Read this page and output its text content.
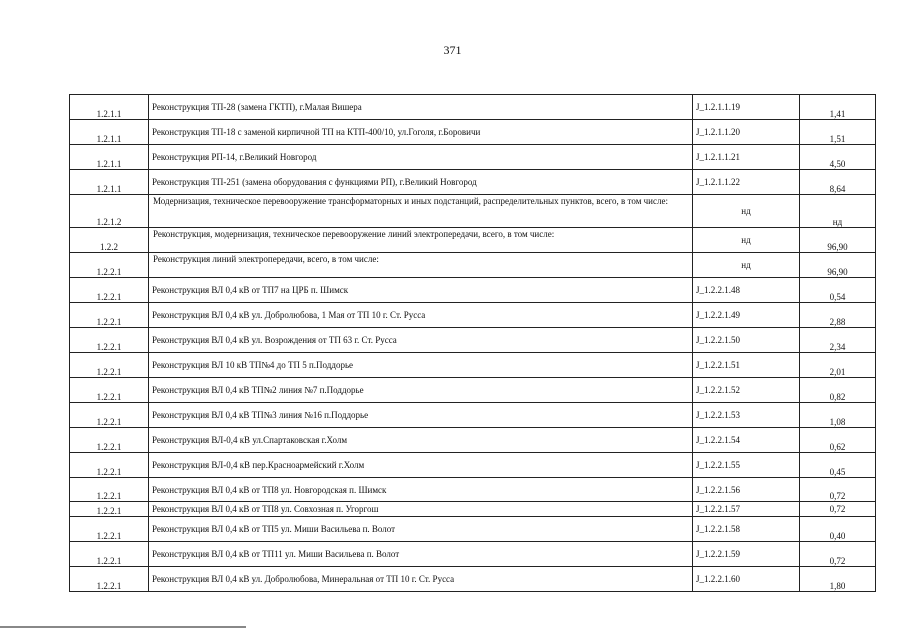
371
1.2.1.1	Реконструкция ТП-28 (замена ГКТП), г.Малая Вишера	J_1.2.1.1.19	1,41
1.2.1.1	Реконструкция ТП-18 с заменой кирпичной ТП на КТП-400/10, ул.Гоголя, г.Боровичи	J_1.2.1.1.20	1,51
1.2.1.1	Реконструкция РП-14, г.Великий Новгород	J_1.2.1.1.21	4,50
1.2.1.1	Реконструкция ТП-251 (замена оборудования с функциями РП), г.Великий Новгород	J_1.2.1.1.22	8,64
1.2.1.2	Модернизация, техническое перевооружение трансформаторных и иных подстанций, распределительных пунктов, всего, в том числе:	нд	нд
1.2.2	Реконструкция, модернизация, техническое перевооружение линий электропередачи, всего, в том числе:	нд	96,90
1.2.2.1	Реконструкция линий электропередачи, всего, в том числе:	нд	96,90
1.2.2.1	Реконструкция ВЛ 0,4 кВ от ТП7 на ЦРБ п. Шимск	J_1.2.2.1.48	0,54
1.2.2.1	Реконструкция ВЛ 0,4 кВ ул. Добролюбова, 1 Мая от ТП 10 г. Ст. Русса	J_1.2.2.1.49	2,88
1.2.2.1	Реконструкция ВЛ 0,4 кВ ул. Возрождения от ТП 63 г. Ст. Русса	J_1.2.2.1.50	2,34
1.2.2.1	Реконструкция ВЛ 10 кВ ТП№4 до ТП 5 п.Поддорье	J_1.2.2.1.51	2,01
1.2.2.1	Реконструкция ВЛ 0,4 кВ ТП№2 линия №7 п.Поддорье	J_1.2.2.1.52	0,82
1.2.2.1	Реконструкция ВЛ 0,4 кВ ТП№3 линия №16 п.Поддорье	J_1.2.2.1.53	1,08
1.2.2.1	Реконструкция ВЛ-0,4 кВ ул.Спартаковская г.Холм	J_1.2.2.1.54	0,62
1.2.2.1	Реконструкция ВЛ-0,4 кВ пер.Красноармейский г.Холм	J_1.2.2.1.55	0,45
1.2.2.1	Реконструкция ВЛ 0,4 кВ от ТП8 ул. Новгородская п. Шимск	J_1.2.2.1.56	0,72
1.2.2.1	Реконструкция ВЛ 0,4 кВ от ТП8 ул. Совхозная п. Угоргош	J_1.2.2.1.57	0,72
1.2.2.1	Реконструкция ВЛ 0,4 кВ от ТП5 ул. Миши Васильева п. Волот	J_1.2.2.1.58	0,40
1.2.2.1	Реконструкция ВЛ 0,4 кВ от ТП11 ул. Миши Васильева п. Волот	J_1.2.2.1.59	0,72
1.2.2.1	Реконструкция ВЛ 0,4 кВ ул. Добролюбова, Минеральная от ТП 10 г. Ст. Русса	J_1.2.2.1.60	1,80
